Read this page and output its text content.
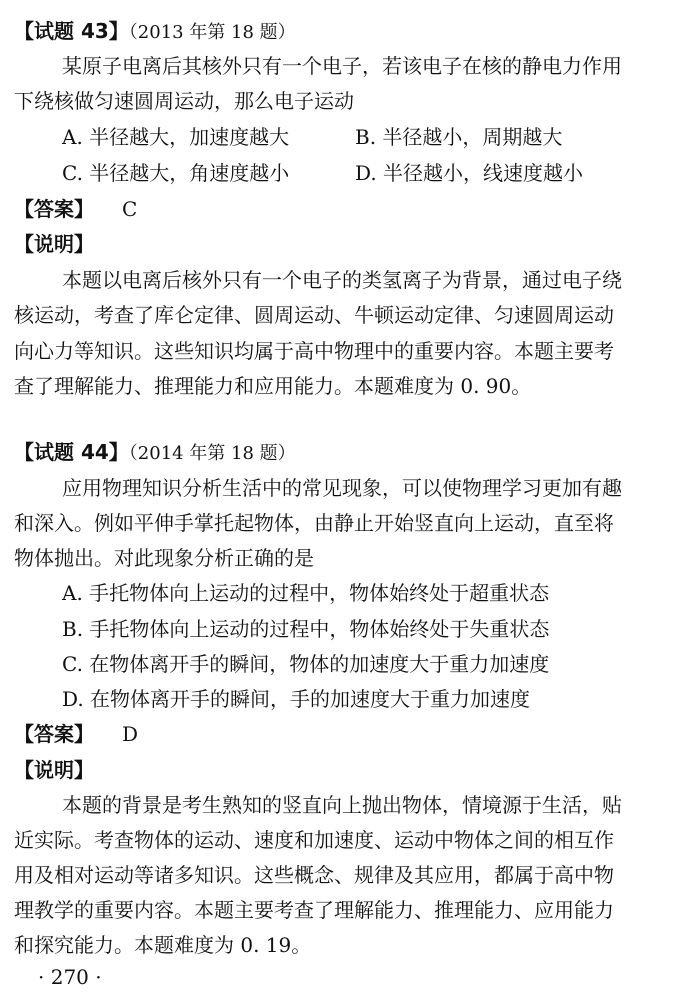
【试题 43】（2013 年第 18 题）
某原子电离后其核外只有一个电子，若该电子在核的静电力作用
下绕核做匀速圆周运动，那么电子运动
A. 半径越大，加速度越大	B. 半径越小，周期越大
C. 半径越大，角速度越小	D. 半径越小，线速度越小
【答案】 C
【说明】
本题以电离后核外只有一个电子的类氢离子为背景，通过电子绕
核运动，考查了库仑定律、圆周运动、牛顿运动定律、匀速圆周运动
向心力等知识。这些知识均属于高中物理中的重要内容。本题主要考
查了理解能力、推理能力和应用能力。本题难度为 0. 90。
【试题 44】（2014 年第 18 题）
应用物理知识分析生活中的常见现象，可以使物理学习更加有趣
和深入。例如平伸手掌托起物体，由静止开始竖直向上运动，直至将
物体抛出。对此现象分析正确的是
A. 手托物体向上运动的过程中，物体始终处于超重状态
B. 手托物体向上运动的过程中，物体始终处于失重状态
C. 在物体离开手的瞬间，物体的加速度大于重力加速度
D. 在物体离开手的瞬间，手的加速度大于重力加速度
【答案】 D
【说明】
本题的背景是考生熟知的竖直向上抛出物体，情境源于生活，贴
近实际。考查物体的运动、速度和加速度、运动中物体之间的相互作
用及相对运动等诸多知识。这些概念、规律及其应用，都属于高中物
理教学的重要内容。本题主要考查了理解能力、推理能力、应用能力
和探究能力。本题难度为 0. 19。
· 270 ·
